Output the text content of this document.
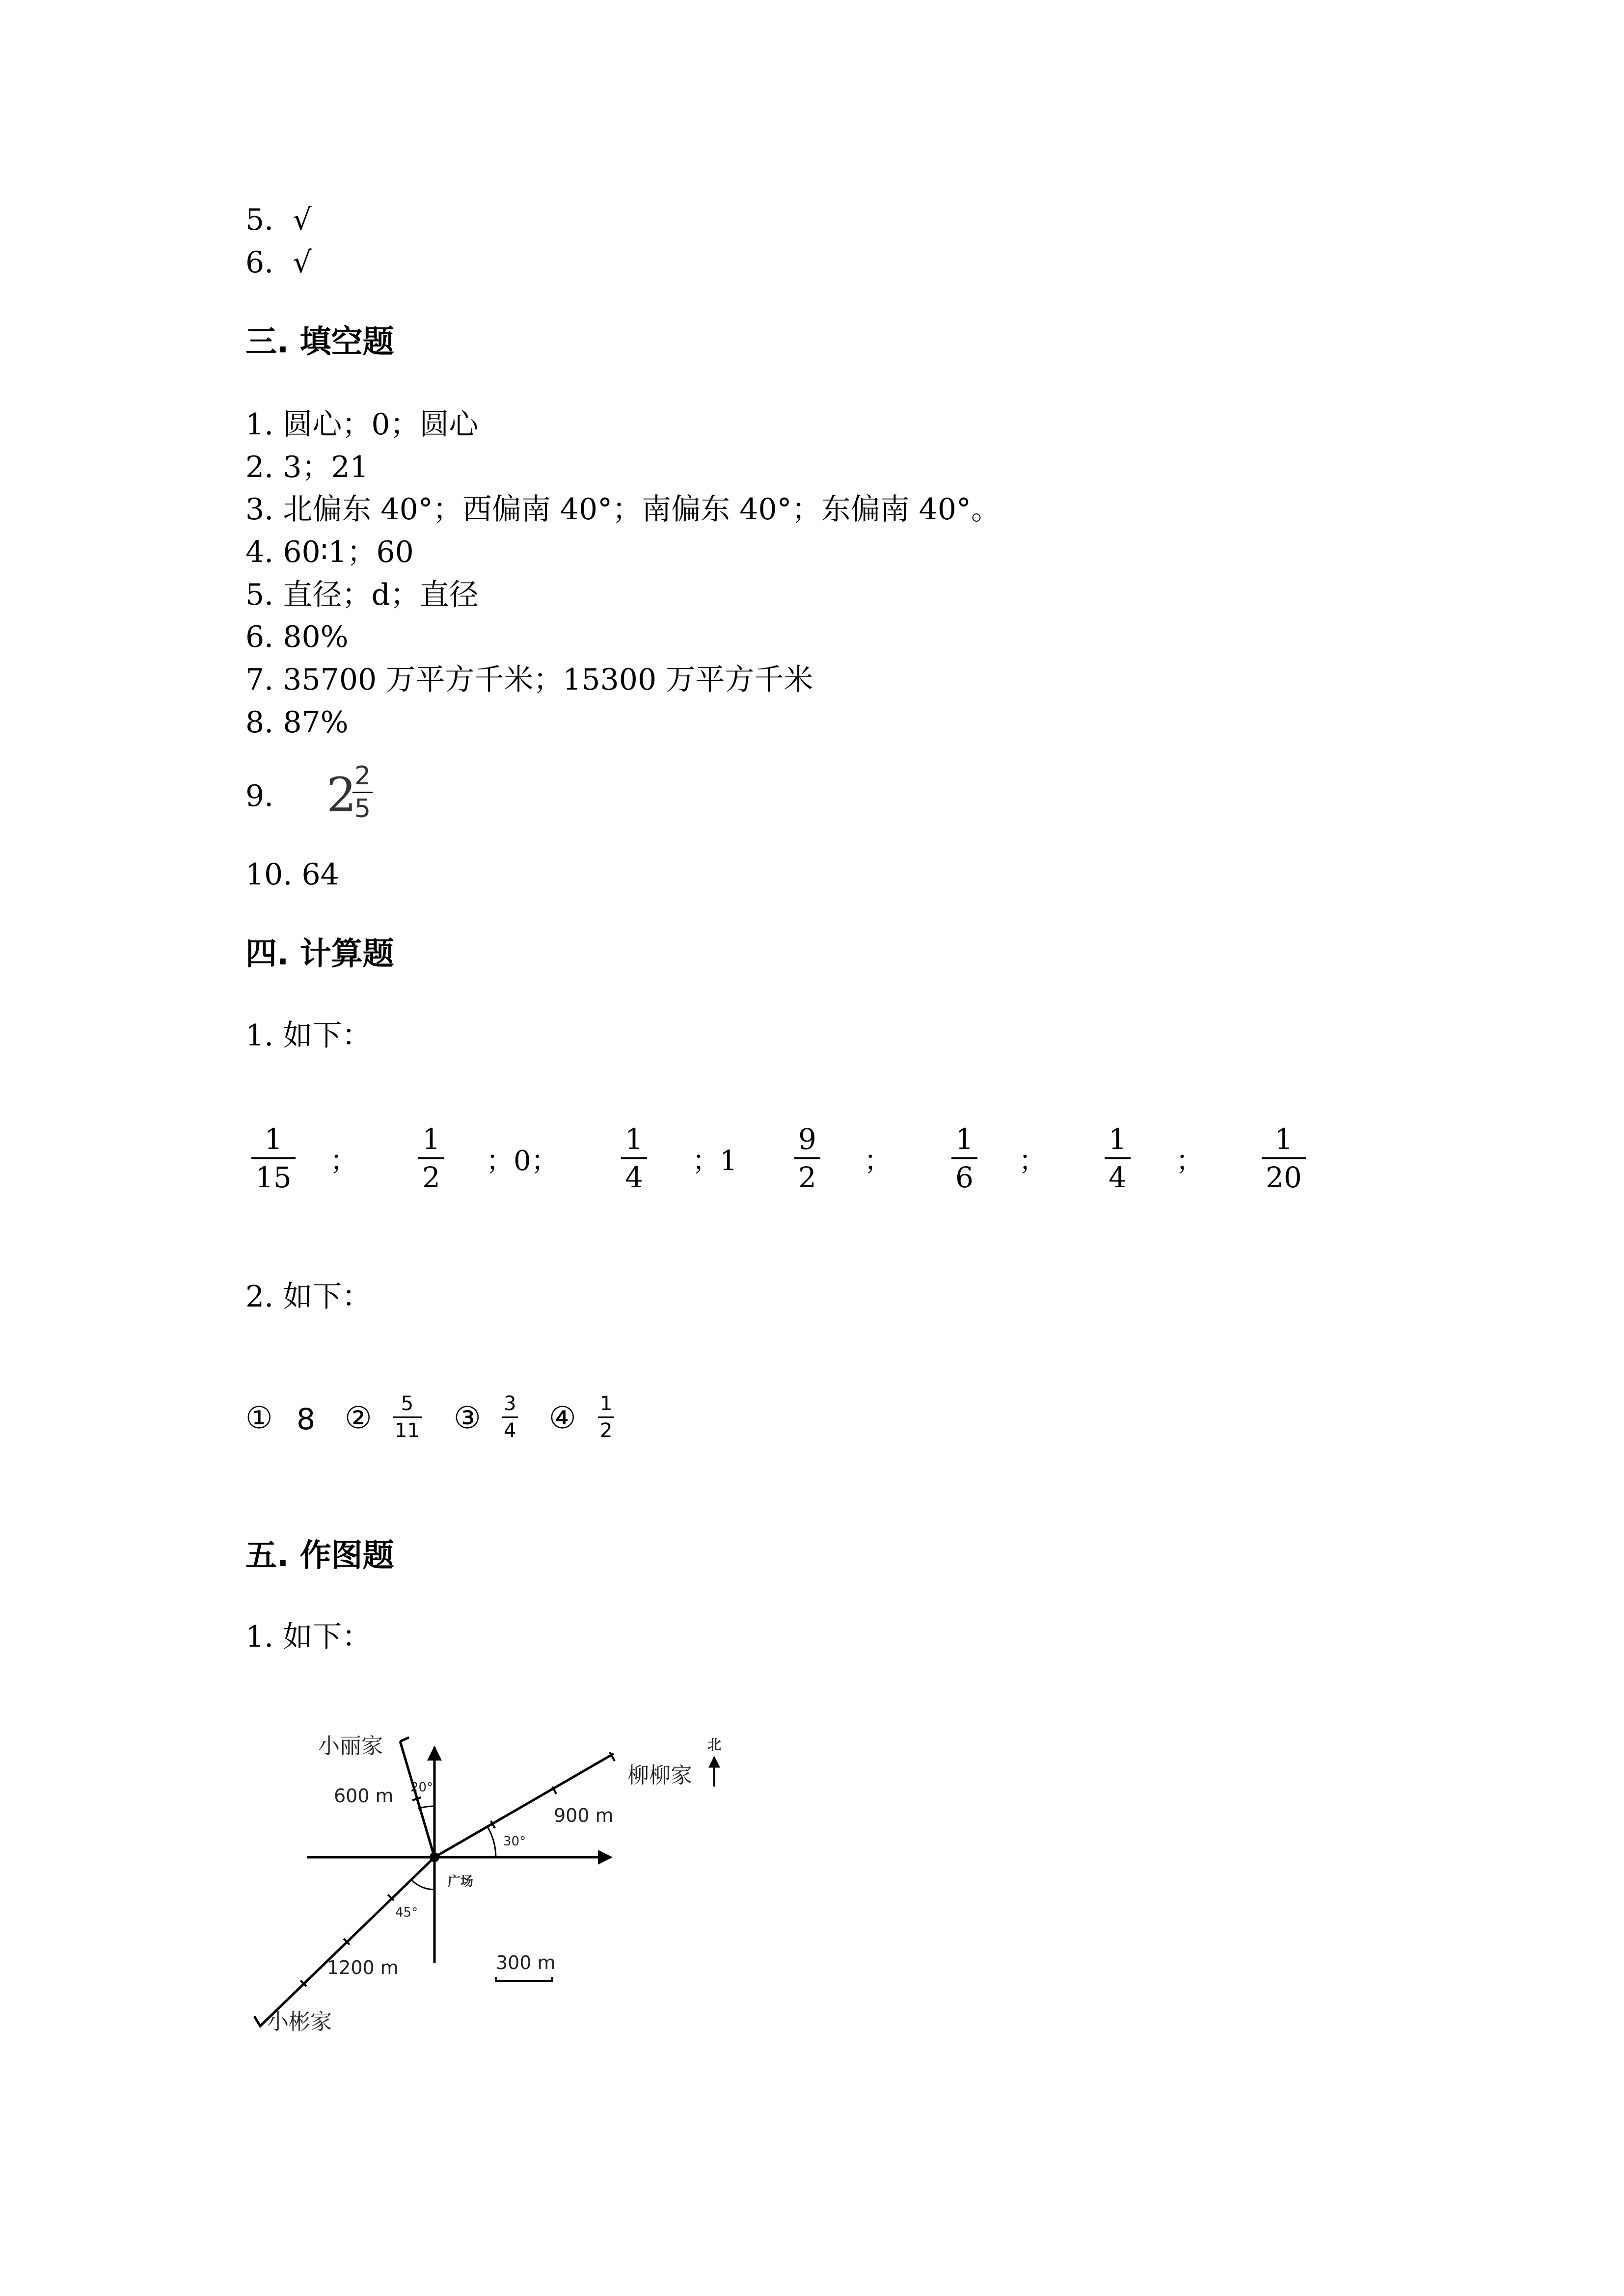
5. √
6. √
三. 填空题
1. 圆心；0；圆心
2. 3；21
3. 北偏东 40°；西偏南 40°；南偏东 40°；东偏南 40°。
4. 60∶1；60
5. 直径；d；直径
6. 80%
7. 35700 万平方千米；15300 万平方千米
8. 87%
9. 2
2
5
10. 64
四. 计算题
1. 如下：
1
15 ；
1
2 ；0；
1
4 ；1
9
2 ；
1
6 ；
1
4 ；
1
20
2. 如下：
① 8 ② 5
11 ③ 3
4 ④ 1
2
五. 作图题
1. 如下：
小丽家
柳柳家
小彬家
广场
北
600 m
900 m
1200 m	300 m
20°
30°
45°
